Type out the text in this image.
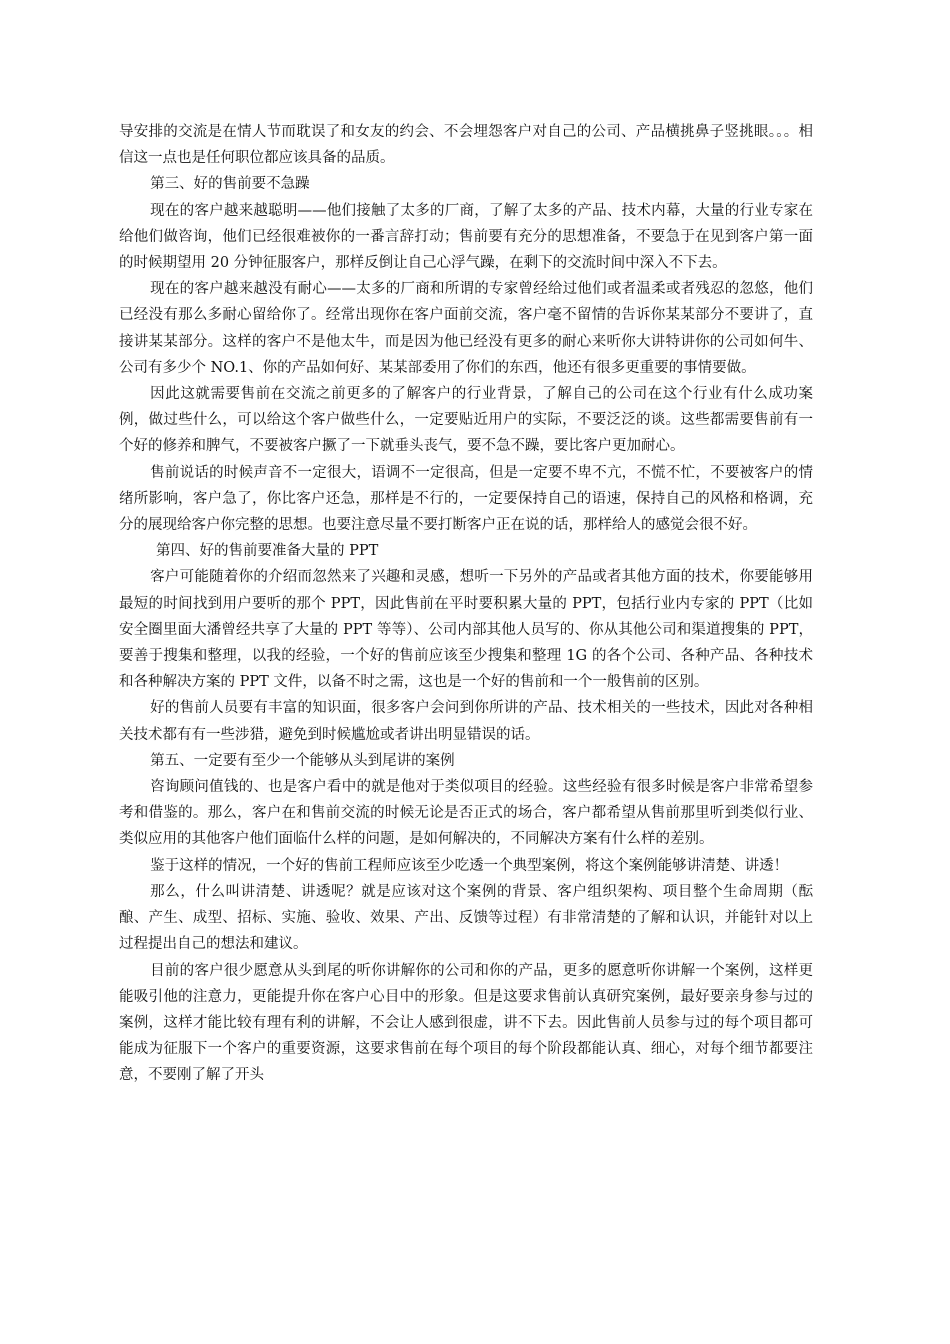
导安排的交流是在情人节而耽误了和女友的约会、不会埋怨客户对自己的公司、产品横挑鼻子竖挑眼。。。相信这一点也是任何职位都应该具备的品质。

第三、好的售前要不急躁

现在的客户越来越聪明——他们接触了太多的厂商，了解了太多的产品、技术内幕，大量的行业专家在给他们做咨询，他们已经很难被你的一番言辞打动；售前要有充分的思想准备，不要急于在见到客户第一面的时候期望用 20 分钟征服客户，那样反倒让自己心浮气躁，在剩下的交流时间中深入不下去。

现在的客户越来越没有耐心——太多的厂商和所谓的专家曾经给过他们或者温柔或者残忍的忽悠，他们已经没有那么多耐心留给你了。经常出现你在客户面前交流，客户毫不留情的告诉你某某部分不要讲了，直接讲某某部分。这样的客户不是他太牛，而是因为他已经没有更多的耐心来听你大讲特讲你的公司如何牛、公司有多少个 NO.1、你的产品如何好、某某部委用了你们的东西，他还有很多更重要的事情要做。

因此这就需要售前在交流之前更多的了解客户的行业背景，了解自己的公司在这个行业有什么成功案例，做过些什么，可以给这个客户做些什么，一定要贴近用户的实际，不要泛泛的谈。这些都需要售前有一个好的修养和脾气，不要被客户撅了一下就垂头丧气，要不急不躁，要比客户更加耐心。

售前说话的时候声音不一定很大，语调不一定很高，但是一定要不卑不亢，不慌不忙，不要被客户的情绪所影响，客户急了，你比客户还急，那样是不行的，一定要保持自己的语速，保持自己的风格和格调，充分的展现给客户你完整的思想。也要注意尽量不要打断客户正在说的话，那样给人的感觉会很不好。

第四、好的售前要准备大量的 PPT

客户可能随着你的介绍而忽然来了兴趣和灵感，想听一下另外的产品或者其他方面的技术，你要能够用最短的时间找到用户要听的那个 PPT，因此售前在平时要积累大量的 PPT，包括行业内专家的 PPT（比如安全圈里面大潘曾经共享了大量的 PPT 等等）、公司内部其他人员写的、你从其他公司和渠道搜集的 PPT，要善于搜集和整理，以我的经验，一个好的售前应该至少搜集和整理 1G 的各个公司、各种产品、各种技术和各种解决方案的 PPT 文件，以备不时之需，这也是一个好的售前和一个一般售前的区别。

好的售前人员要有丰富的知识面，很多客户会问到你所讲的产品、技术相关的一些技术，因此对各种相关技术都有有一些涉猎，避免到时候尴尬或者讲出明显错误的话。

第五、一定要有至少一个能够从头到尾讲的案例

咨询顾问值钱的、也是客户看中的就是他对于类似项目的经验。这些经验有很多时候是客户非常希望参考和借鉴的。那么，客户在和售前交流的时候无论是否正式的场合，客户都希望从售前那里听到类似行业、类似应用的其他客户他们面临什么样的问题，是如何解决的，不同解决方案有什么样的差别。

鉴于这样的情况，一个好的售前工程师应该至少吃透一个典型案例，将这个案例能够讲清楚、讲透！

那么，什么叫讲清楚、讲透呢？就是应该对这个案例的背景、客户组织架构、项目整个生命周期（酝酿、产生、成型、招标、实施、验收、效果、产出、反馈等过程）有非常清楚的了解和认识，并能针对以上过程提出自己的想法和建议。

目前的客户很少愿意从头到尾的听你讲解你的公司和你的产品，更多的愿意听你讲解一个案例，这样更能吸引他的注意力，更能提升你在客户心目中的形象。但是这要求售前认真研究案例，最好要亲身参与过的案例，这样才能比较有理有利的讲解，不会让人感到很虚，讲不下去。因此售前人员参与过的每个项目都可能成为征服下一个客户的重要资源，这要求售前在每个项目的每个阶段都能认真、细心，对每个细节都要注意，不要刚了解了开头
